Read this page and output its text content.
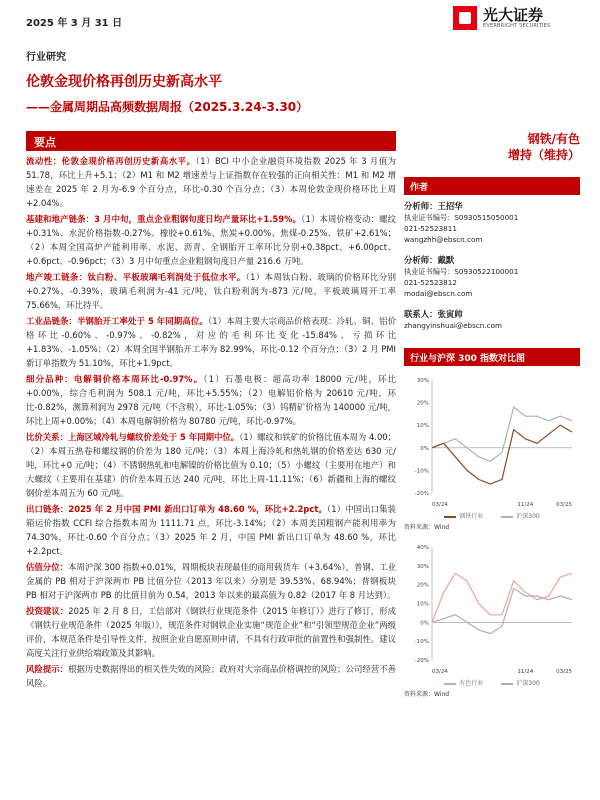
2025 年 3 月 31 日	光大证券
EVERBRIGHT SECURITIES
行业研究
伦敦金现价格再创历史新高水平
——金属周期品高频数据周报（2025.3.24-3.30）
要点
流动性：伦敦金现价格再创历史新高水平。（1）BCI 中小企业融资环境指数 2025 年 3 月值为 51.78，环比上升+5.1；（2）M1 和 M2 增速差与上证指数存在较强的正向相关性：M1 和 M2 增速差在 2025 年 2 月为-6.9 个百分点，环比-0.30 个百分点；（3）本周伦敦金现价格环比上周+2.04%。
基建和地产链条：3 月中旬，重点企业粗钢旬度日均产量环比+1.59%。（1）本周价格变动：螺纹+0.31%、水泥价格指数-0.27%、橡胶+0.61%、焦炭+0.00%、焦煤-0.25%、铁矿+2.61%；（2）本周全国高炉产能利用率、水泥、沥青、全钢胎开工率环比分别+0.38pct、+6.00pct、+0.6pct、-0.96pct；（3）3 月中旬重点企业粗钢旬度日产量 216.6 万吨。
地产竣工链条：钛白粉、平板玻璃毛利润处于低位水平。（1）本周钛白粉、玻璃的价格环比分别+0.27%、-0.39%，玻璃毛利润为-41 元/吨，钛白粉利润为-873 元/吨，平板玻璃周开工率 75.66%，环比持平。
工业品链条：半钢胎开工率处于 5 年同期高位。（1）本周主要大宗商品价格表现：冷轧、铜、铝价格环比-0.60%、-0.97%、-0.82%，对应的毛利环比变化-15.84%、亏损环比+1.83%、-1.05%；（2）本周全国半钢胎开工率为 82.99%，环比-0.12 个百分点；（3）2 月 PMI 新订单指数为 51.10%，环比+1.9pct。
细分品种：电解铜价格本周环比-0.97%。（1）石墨电极：超高功率 18000 元/吨，环比+0.00%，综合毛利润为 508.1 元/吨，环比+5.55%；（2）电解铝价格为 20610 元/吨，环比-0.82%，测算利润为 2978 元/吨（不含税），环比-1.05%；（3）钨精矿价格为 140000 元/吨，环比上周+0.00%；（4）本周电解铜价格为 80780 元/吨，环比-0.97%。
比价关系：上海区域冷轧与螺纹价差处于 5 年同期中位。（1）螺纹和铁矿的价格比值本周为 4.00；（2）本周五热卷和螺纹钢的价差为 180 元/吨；（3）本周上海冷轧和热轧钢的价格差达 630 元/吨，环比+0 元/吨；（4）不锈钢热轧和电解镍的价格比值为 0.10；（5）小螺纹（主要用在地产）和大螺纹（主要用在基建）的价差本周五达 240 元/吨，环比上周-11.11%；（6）新疆和上海的螺纹钢价差本周五为 60 元/吨。
出口链条：2025 年 2 月中国 PMI 新出口订单为 48.60 %，环比+2.2pct。（1）中国出口集装箱运价指数 CCFI 综合指数本周为 1111.71 点，环比-3.14%；（2）本周美国粗钢产能利用率为 74.30%，环比-0.60 个百分点；（3）2025 年 2 月，中国 PMI 新出口订单为 48.60 %，环比+2.2pct。
估值分位：本周沪深 300 指数+0.01%，周期板块表现最佳的商用载货车（+3.64%），普钢、工业金属的 PB 相对于沪深两市 PB 比值分位（2013 年以来）分别是 39.53%、68.94%；普钢板块 PB 相对于沪深两市 PB 的比值目前为 0.54，2013 年以来的最高值为 0.82（2017 年 8 月达到）。
投资建议：2025 年 2 月 8 日，工信部对《钢铁行业规范条件（2015 年修订）》进行了修订，形成《钢铁行业规范条件（2025 年版）》，规范条件对钢铁企业实施“规范企业”和“引领型规范企业”两级评价，本规范条件是引导性文件，按照企业自愿原则申请，不具有行政审批的前置性和强制性。建议高度关注行业供给端政策及其影响。
风险提示：根据历史数据得出的相关性失效的风险；政府对大宗商品价格调控的风险；公司经营不善风险。
钢铁/有色
增持（维持）
作者
分析师：王招华
执业证书编号：S0930515050001
021-52523811
wangzhh@ebscn.com
分析师：戴默
执业证书编号：S0930522100001
021-52523812
modai@ebscn.com
联系人：张寅帅
zhangyinshuai@ebscn.com
行业与沪深 300 指数对比图
30%
20%
10%
0%
-10%
-20%
03/24	11/24	03/25
钢铁行业	沪深300
资料来源：Wind
40%
30%
20%
10%
0%
-10%
-20%
03/24	11/24	03/25
有色行业	沪深300
资料来源：Wind
